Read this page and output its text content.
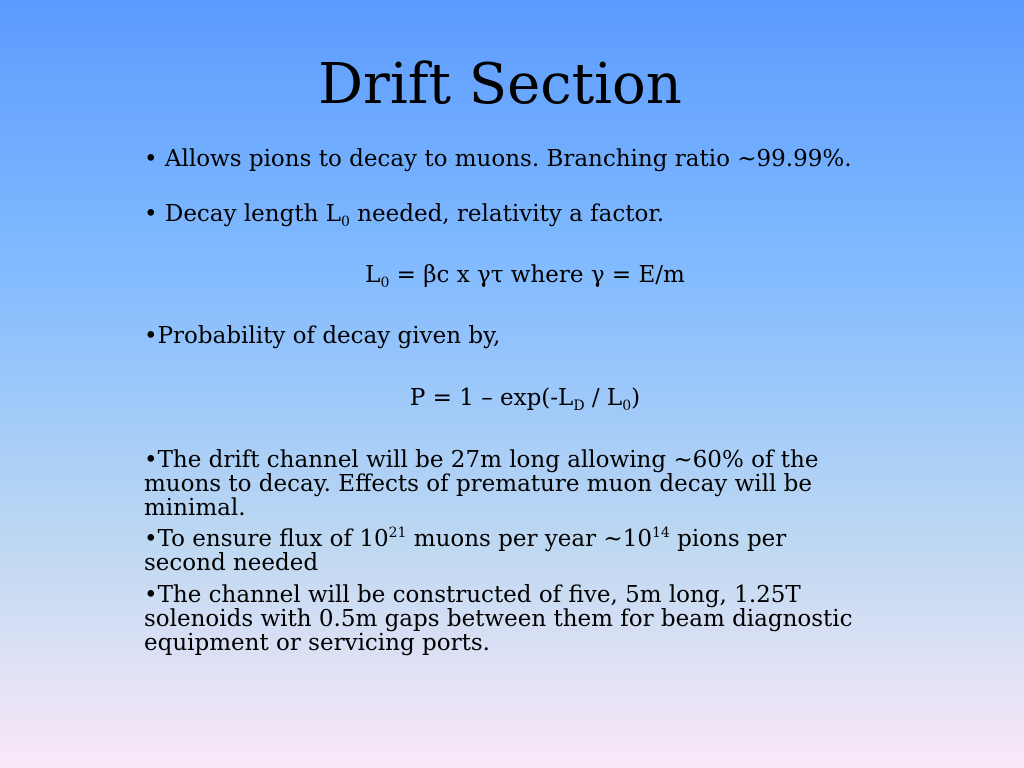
Drift Section

• Allows pions to decay to muons. Branching ratio ~99.99%.

• Decay length $L_0$ needed, relativity a factor.

$L_0 = \beta c$ x γτ where γ = E/m

•Probability of decay given by,

$P = 1 - \exp(-L_D / L_0)$

•The drift channel will be 27m long allowing ~60% of the muons to decay. Effects of premature muon decay will be minimal.

•To ensure flux of $10^{21}$ muons per year $\sim 10^{14}$ pions per second needed

•The channel will be constructed of five, 5m long, 1.25T solenoids with 0.5m gaps between them for beam diagnostic equipment or servicing ports.
